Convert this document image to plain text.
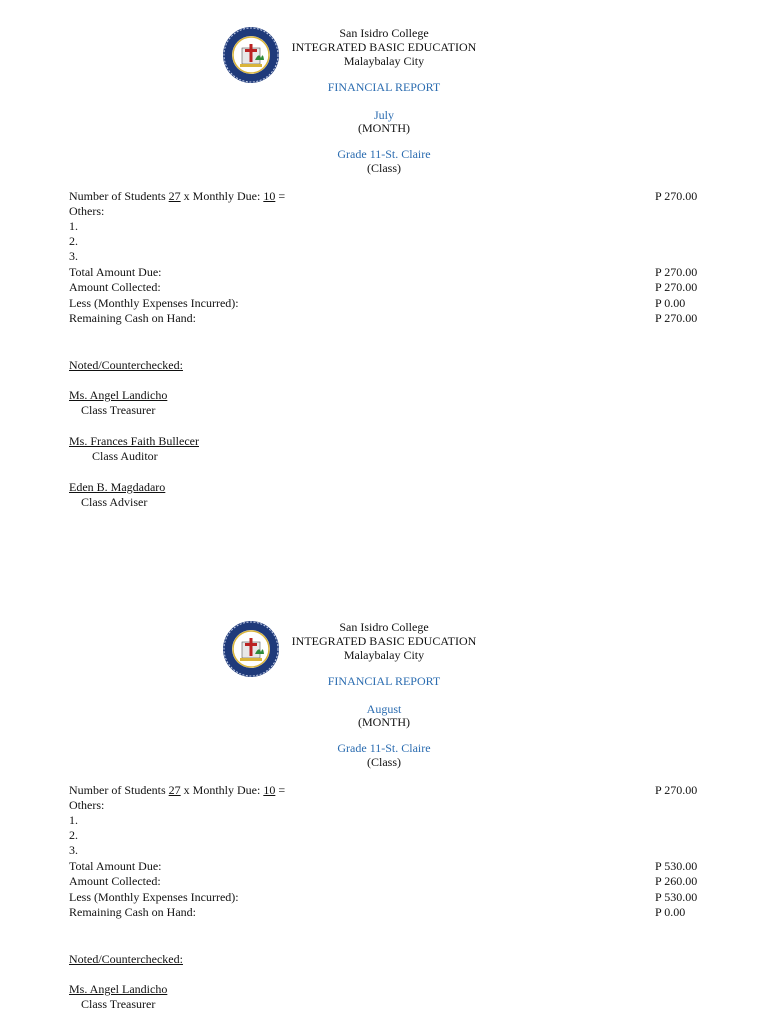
San Isidro College
INTEGRATED BASIC EDUCATION
Malaybalay City
FINANCIAL REPORT
July
(MONTH)
Grade 11-St. Claire
(Class)
Number of Students 27 x Monthly Due: 10 =	P 270.00
Others:
1.
2.
3.
Total Amount Due:	P 270.00
Amount Collected:	P 270.00
Less (Monthly Expenses Incurred):	P 0.00
Remaining Cash on Hand:	P 270.00
Noted/Counterchecked:
Ms. Angel Landicho
Class Treasurer
Ms. Frances Faith Bullecer
Class Auditor
Eden B. Magdadaro
Class Adviser
San Isidro College
INTEGRATED BASIC EDUCATION
Malaybalay City
FINANCIAL REPORT
August
(MONTH)
Grade 11-St. Claire
(Class)
Number of Students 27 x Monthly Due: 10 =	P 270.00
Others:
1.
2.
3.
Total Amount Due:	P 530.00
Amount Collected:	P 260.00
Less (Monthly Expenses Incurred):	P 530.00
Remaining Cash on Hand:	P 0.00
Noted/Counterchecked:
Ms. Angel Landicho
Class Treasurer
